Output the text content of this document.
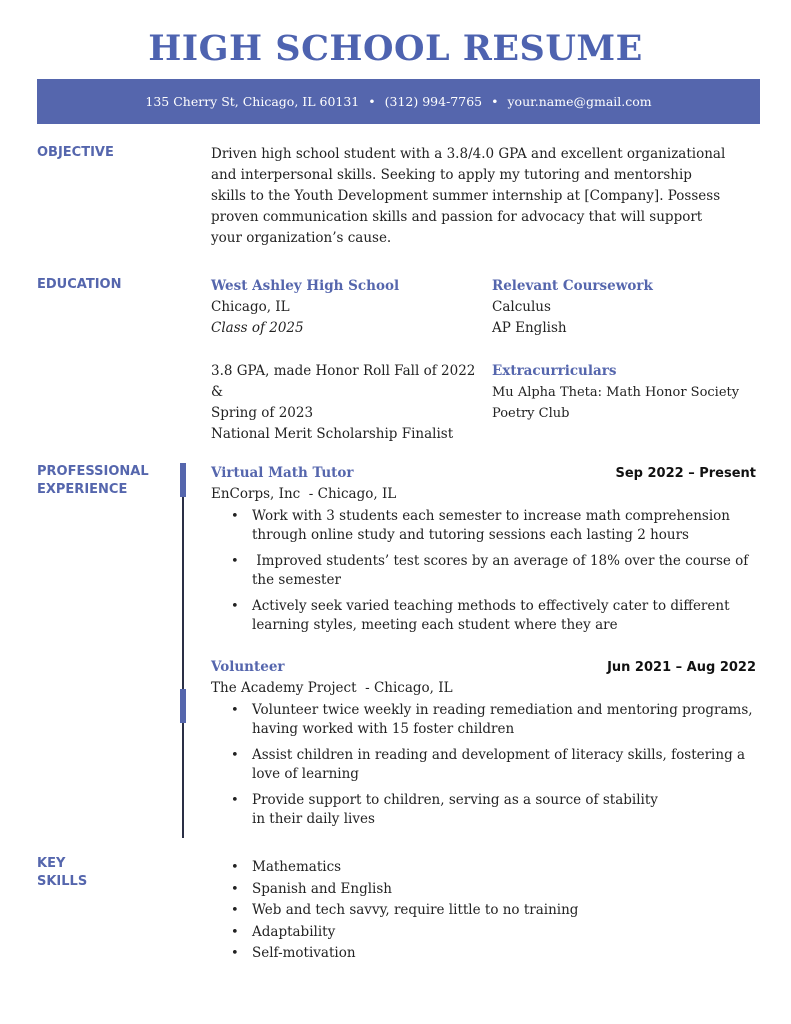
HIGH SCHOOL RESUME
135 Cherry St, Chicago, IL 60131 • (312) 994-7765 • your.name@gmail.com
OBJECTIVE	Driven high school student with a 3.8/4.0 GPA and excellent organizational and interpersonal skills. Seeking to apply my tutoring and mentorship skills to the Youth Development summer internship at [Company]. Possess proven communication skills and passion for advocacy that will support your organization’s cause.
EDUCATION	West Ashley High School
Chicago, IL
Class of 2025
3.8 GPA, made Honor Roll Fall of 2022 &
Spring of 2023
National Merit Scholarship Finalist
Relevant Coursework
Calculus
AP English
Extracurriculars
Mu Alpha Theta: Math Honor Society
Poetry Club
PROFESSIONAL
EXPERIENCE
Virtual Math Tutor	Sep 2022 – Present
EnCorps, Inc  - Chicago, IL
• Work with 3 students each semester to increase math comprehension through online study and tutoring sessions each lasting 2 hours
• Improved students’ test scores by an average of 18% over the course of the semester
• Actively seek varied teaching methods to effectively cater to different learning styles, meeting each student where they are
Volunteer	Jun 2021 – Aug 2022
The Academy Project  - Chicago, IL
• Volunteer twice weekly in reading remediation and mentoring programs, having worked with 15 foster children
• Assist children in reading and development of literacy skills, fostering a love of learning
• Provide support to children, serving as a source of stability in their daily lives
KEY
SKILLS
• Mathematics
• Spanish and English
• Web and tech savvy, require little to no training
• Adaptability
• Self-motivation
